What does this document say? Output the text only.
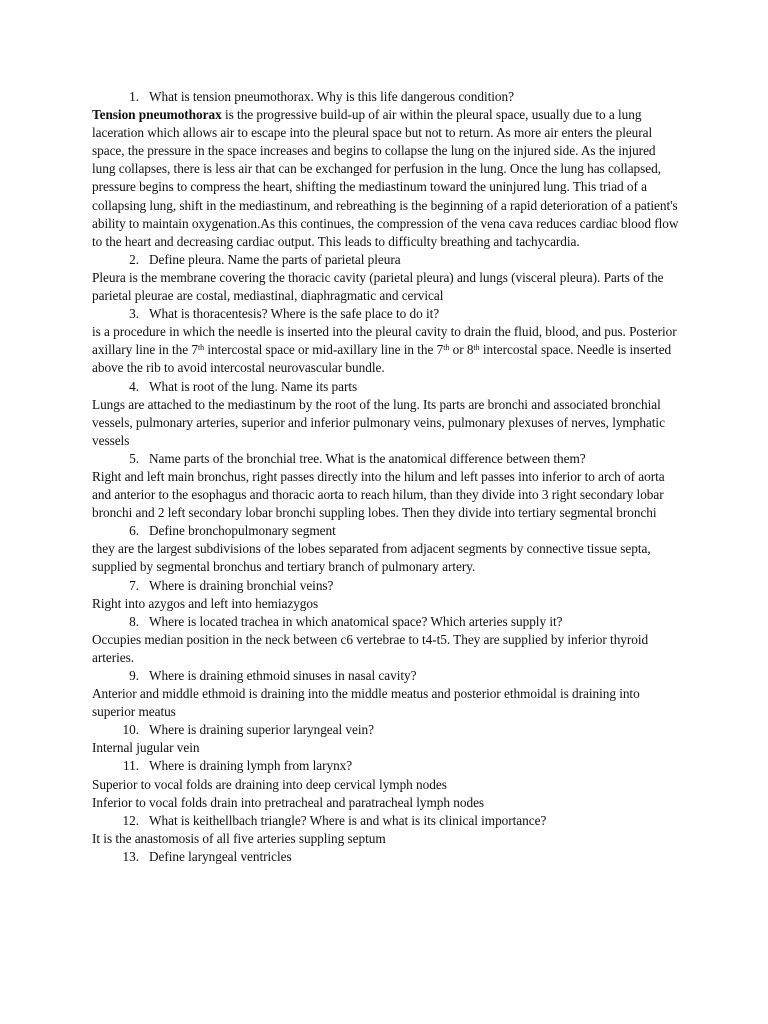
1. What is tension pneumothorax. Why is this life dangerous condition?

Tension pneumothorax is the progressive build-up of air within the pleural space, usually due to a lung laceration which allows air to escape into the pleural space but not to return. As more air enters the pleural space, the pressure in the space increases and begins to collapse the lung on the injured side. As the injured lung collapses, there is less air that can be exchanged for perfusion in the lung. Once the lung has collapsed, pressure begins to compress the heart, shifting the mediastinum toward the uninjured lung. This triad of a collapsing lung, shift in the mediastinum, and rebreathing is the beginning of a rapid deterioration of a patient's ability to maintain oxygenation.As this continues, the compression of the vena cava reduces cardiac blood flow to the heart and decreasing cardiac output. This leads to difficulty breathing and tachycardia.

2. Define pleura. Name the parts of parietal pleura

Pleura is the membrane covering the thoracic cavity (parietal pleura) and lungs (visceral pleura). Parts of the parietal pleurae are costal, mediastinal, diaphragmatic and cervical

3. What is thoracentesis? Where is the safe place to do it?

is a procedure in which the needle is inserted into the pleural cavity to drain the fluid, blood, and pus. Posterior axillary line in the 7th intercostal space or mid-axillary line in the 7th or 8th intercostal space. Needle is inserted above the rib to avoid intercostal neurovascular bundle.

4. What is root of the lung. Name its parts

Lungs are attached to the mediastinum by the root of the lung. Its parts are bronchi and associated bronchial vessels, pulmonary arteries, superior and inferior pulmonary veins, pulmonary plexuses of nerves, lymphatic vessels

5. Name parts of the bronchial tree. What is the anatomical difference between them?

Right and left main bronchus, right passes directly into the hilum and left passes into inferior to arch of aorta and anterior to the esophagus and thoracic aorta to reach hilum, than they divide into 3 right secondary lobar bronchi and 2 left secondary lobar bronchi suppling lobes. Then they divide into tertiary segmental bronchi

6. Define bronchopulmonary segment

they are the largest subdivisions of the lobes separated from adjacent segments by connective tissue septa, supplied by segmental bronchus and tertiary branch of pulmonary artery.

7. Where is draining bronchial veins?

Right into azygos and left into hemiazygos

8. Where is located trachea in which anatomical space? Which arteries supply it?

Occupies median position in the neck between c6 vertebrae to t4-t5. They are supplied by inferior thyroid arteries.

9. Where is draining ethmoid sinuses in nasal cavity?

Anterior and middle ethmoid is draining into the middle meatus and posterior ethmoidal is draining into superior meatus

10. Where is draining superior laryngeal vein?

Internal jugular vein

11. Where is draining lymph from larynx?

Superior to vocal folds are draining into deep cervical lymph nodes

Inferior to vocal folds drain into pretracheal and paratracheal lymph nodes

12. What is keithellbach triangle? Where is and what is its clinical importance?

It is the anastomosis of all five arteries suppling septum

13. Define laryngeal ventricles
